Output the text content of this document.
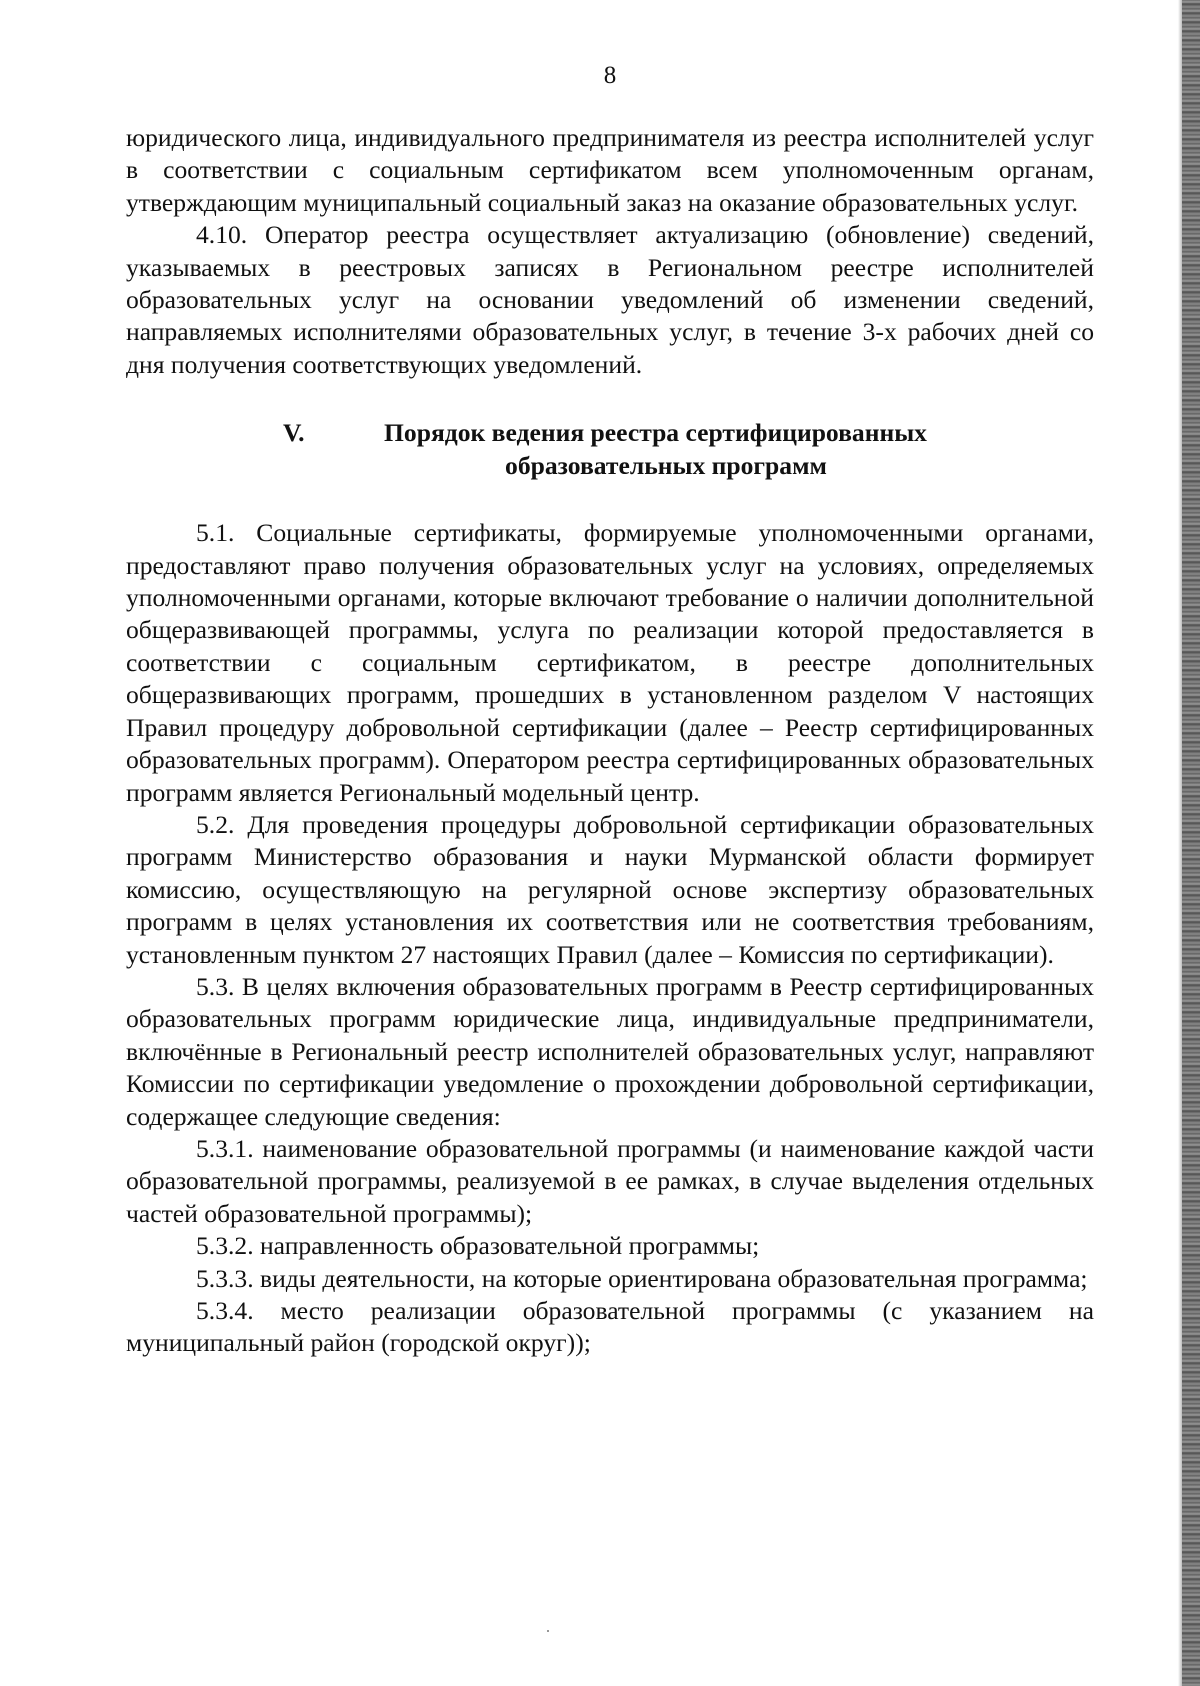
8

юридического лица, индивидуального предпринимателя из реестра исполнителей услуг в соответствии с социальным сертификатом всем уполномоченным органам, утверждающим муниципальный социальный заказ на оказание образовательных услуг.

4.10. Оператор реестра осуществляет актуализацию (обновление) сведений, указываемых в реестровых записях в Региональном реестре исполнителей образовательных услуг на основании уведомлений об изменении сведений, направляемых исполнителями образовательных услуг, в течение 3-х рабочих дней со дня получения соответствующих уведомлений.

V.	Порядок ведения реестра сертифицированных
образовательных программ

5.1. Социальные сертификаты, формируемые уполномоченными органами, предоставляют право получения образовательных услуг на условиях, определяемых уполномоченными органами, которые включают требование о наличии дополнительной общеразвивающей программы, услуга по реализации которой предоставляется в соответствии с социальным сертификатом, в реестре дополнительных общеразвивающих программ, прошедших в установленном разделом V настоящих Правил процедуру добровольной сертификации (далее – Реестр сертифицированных образовательных программ). Оператором реестра сертифицированных образовательных программ является Региональный модельный центр.

5.2. Для проведения процедуры добровольной сертификации образовательных программ Министерство образования и науки Мурманской области формирует комиссию, осуществляющую на регулярной основе экспертизу образовательных программ в целях установления их соответствия или не соответствия требованиям, установленным пунктом 27 настоящих Правил (далее – Комиссия по сертификации).

5.3. В целях включения образовательных программ в Реестр сертифицированных образовательных программ юридические лица, индивидуальные предприниматели, включённые в Региональный реестр исполнителей образовательных услуг, направляют Комиссии по сертификации уведомление о прохождении добровольной сертификации, содержащее следующие сведения:

5.3.1. наименование образовательной программы (и наименование каждой части образовательной программы, реализуемой в ее рамках, в случае выделения отдельных частей образовательной программы);

5.3.2. направленность образовательной программы;

5.3.3. виды деятельности, на которые ориентирована образовательная программа;

5.3.4. место реализации образовательной программы (с указанием на муниципальный район (городской округ));
